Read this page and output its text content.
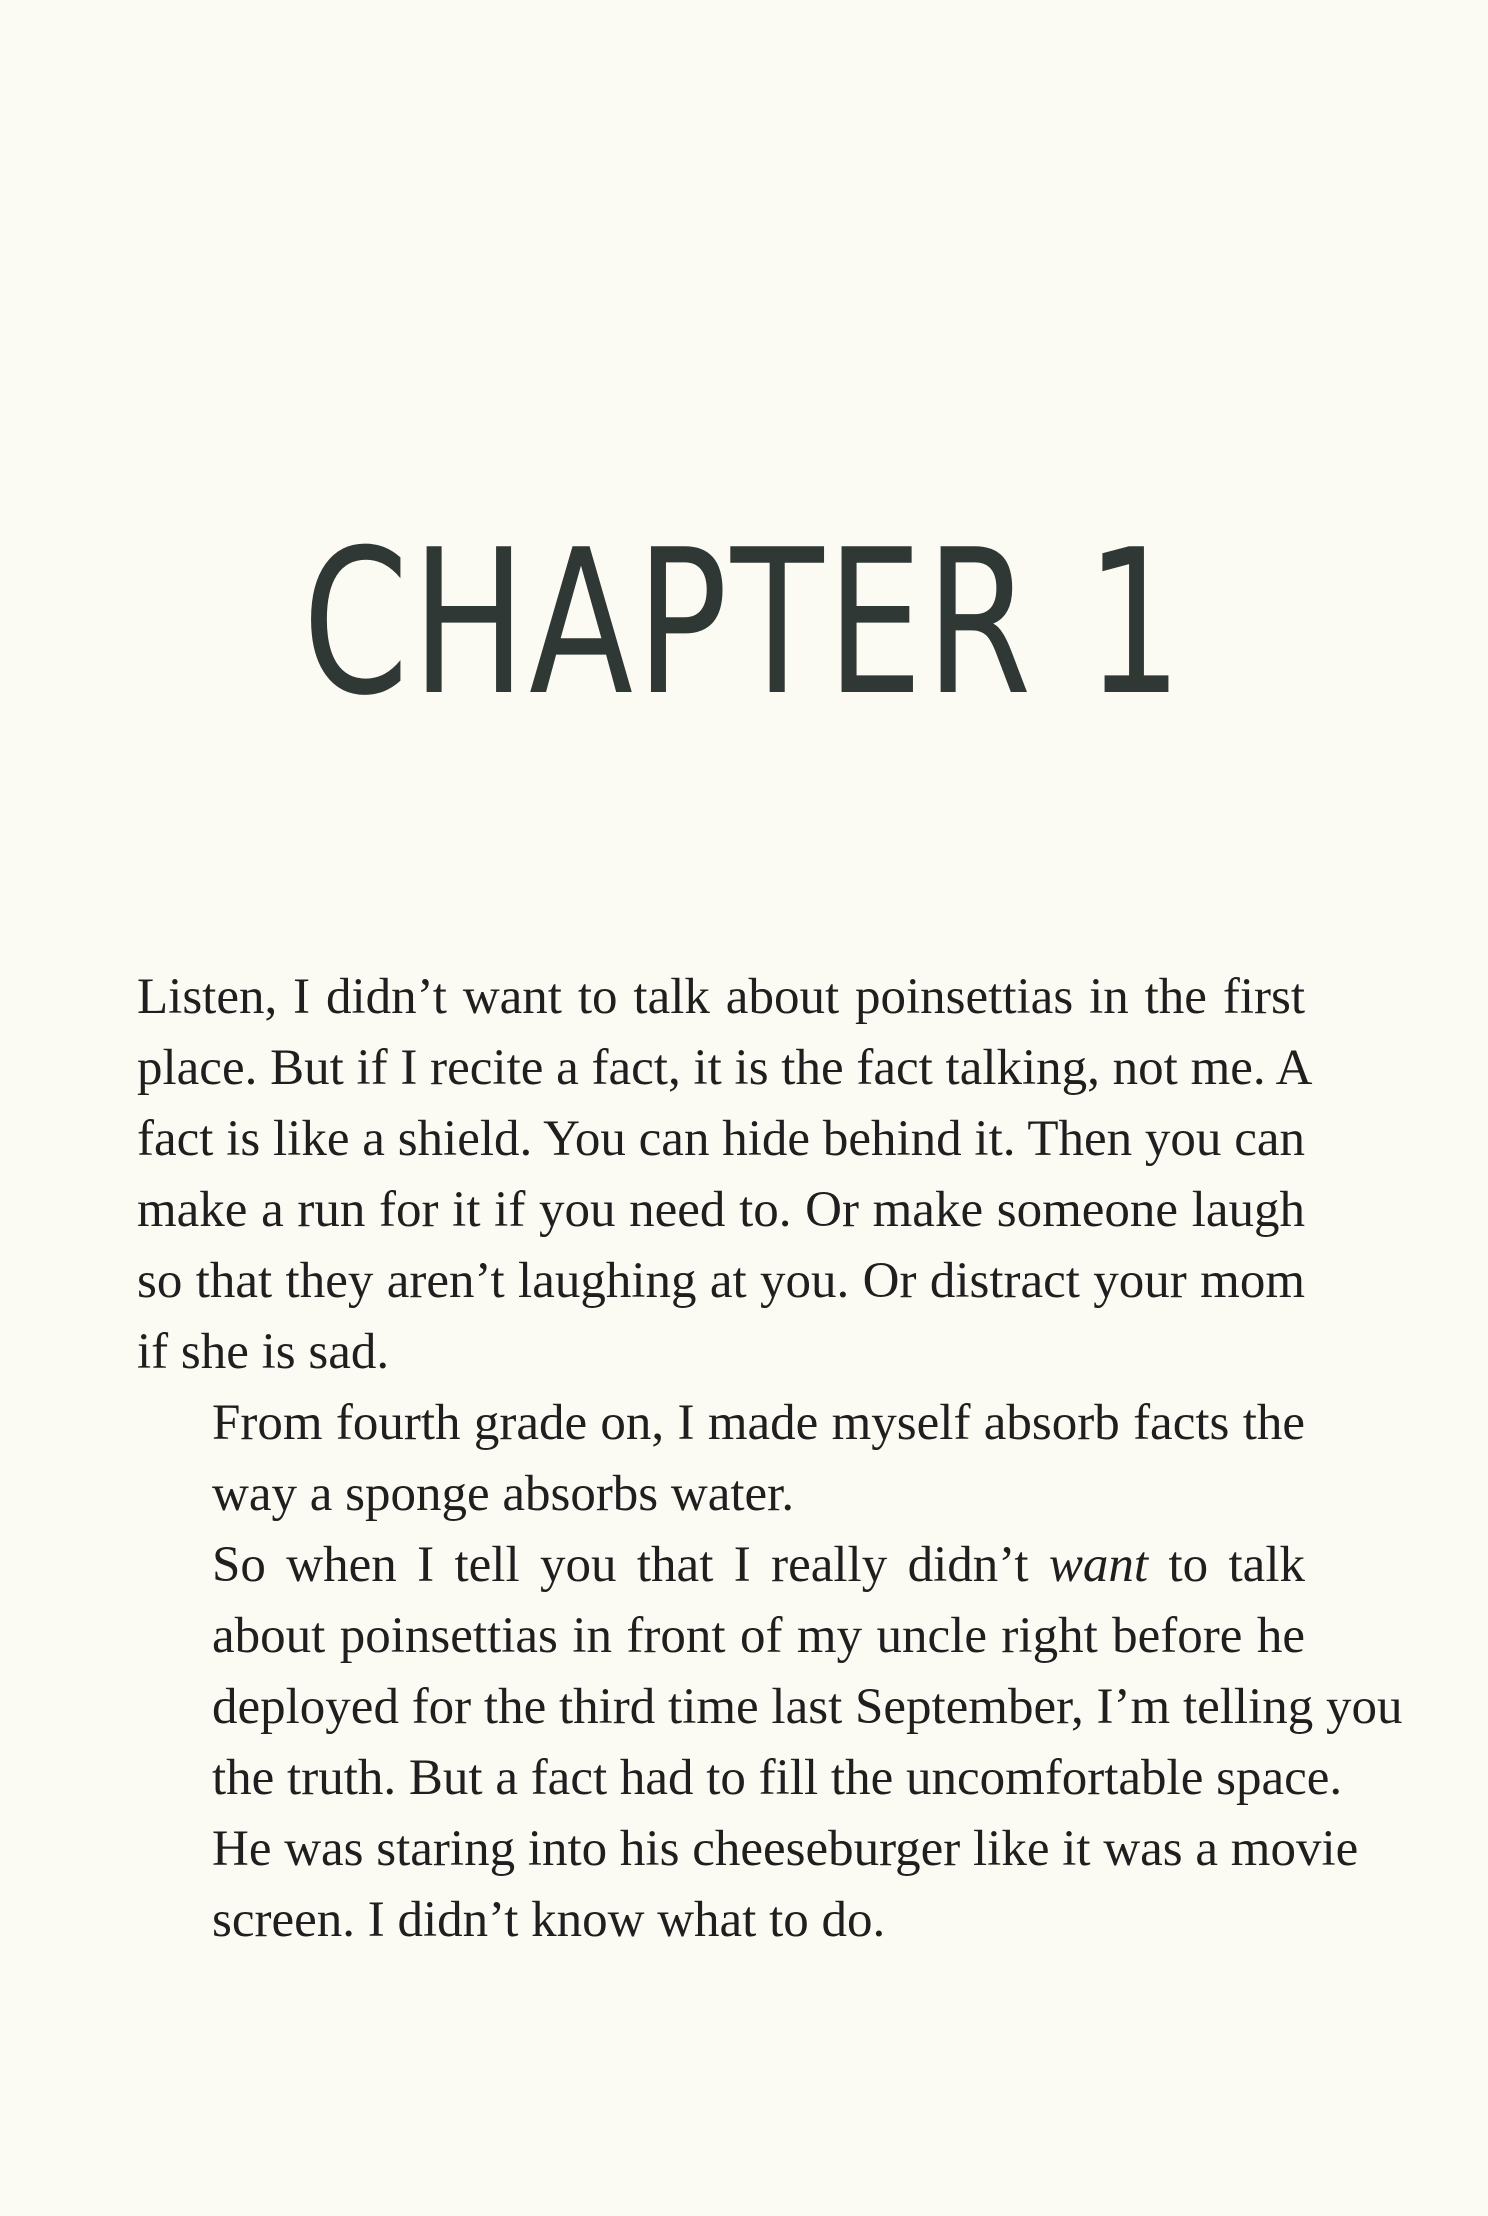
CHAPTER 1

Listen, I didn’t want to talk about poinsettias in the first
place. But if I recite a fact, it is the fact talking, not me. A
fact is like a shield. You can hide behind it. Then you can
make a run for it if you need to. Or make someone laugh
so that they aren’t laughing at you. Or distract your mom
if she is sad.

From fourth grade on, I made myself absorb facts the
way a sponge absorbs water.

So when I tell you that I really didn’t want to talk
about poinsettias in front of my uncle right before he
deployed for the third time last September, I’m telling you
the truth. But a fact had to fill the uncomfortable space.
He was staring into his cheeseburger like it was a movie
screen. I didn’t know what to do.
